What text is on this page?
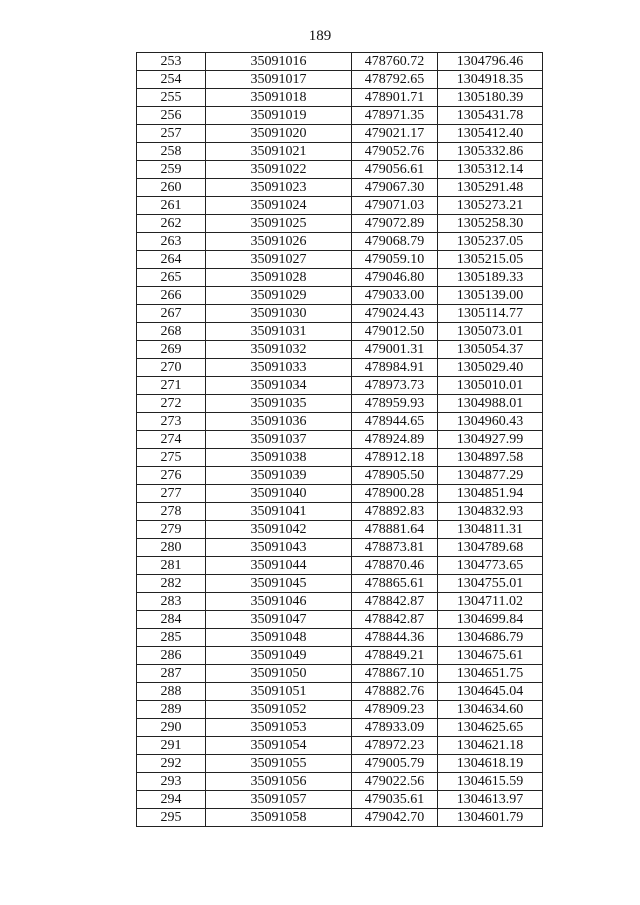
189
253	35091016	478760.72	1304796.46
254	35091017	478792.65	1304918.35
255	35091018	478901.71	1305180.39
256	35091019	478971.35	1305431.78
257	35091020	479021.17	1305412.40
258	35091021	479052.76	1305332.86
259	35091022	479056.61	1305312.14
260	35091023	479067.30	1305291.48
261	35091024	479071.03	1305273.21
262	35091025	479072.89	1305258.30
263	35091026	479068.79	1305237.05
264	35091027	479059.10	1305215.05
265	35091028	479046.80	1305189.33
266	35091029	479033.00	1305139.00
267	35091030	479024.43	1305114.77
268	35091031	479012.50	1305073.01
269	35091032	479001.31	1305054.37
270	35091033	478984.91	1305029.40
271	35091034	478973.73	1305010.01
272	35091035	478959.93	1304988.01
273	35091036	478944.65	1304960.43
274	35091037	478924.89	1304927.99
275	35091038	478912.18	1304897.58
276	35091039	478905.50	1304877.29
277	35091040	478900.28	1304851.94
278	35091041	478892.83	1304832.93
279	35091042	478881.64	1304811.31
280	35091043	478873.81	1304789.68
281	35091044	478870.46	1304773.65
282	35091045	478865.61	1304755.01
283	35091046	478842.87	1304711.02
284	35091047	478842.87	1304699.84
285	35091048	478844.36	1304686.79
286	35091049	478849.21	1304675.61
287	35091050	478867.10	1304651.75
288	35091051	478882.76	1304645.04
289	35091052	478909.23	1304634.60
290	35091053	478933.09	1304625.65
291	35091054	478972.23	1304621.18
292	35091055	479005.79	1304618.19
293	35091056	479022.56	1304615.59
294	35091057	479035.61	1304613.97
295	35091058	479042.70	1304601.79
